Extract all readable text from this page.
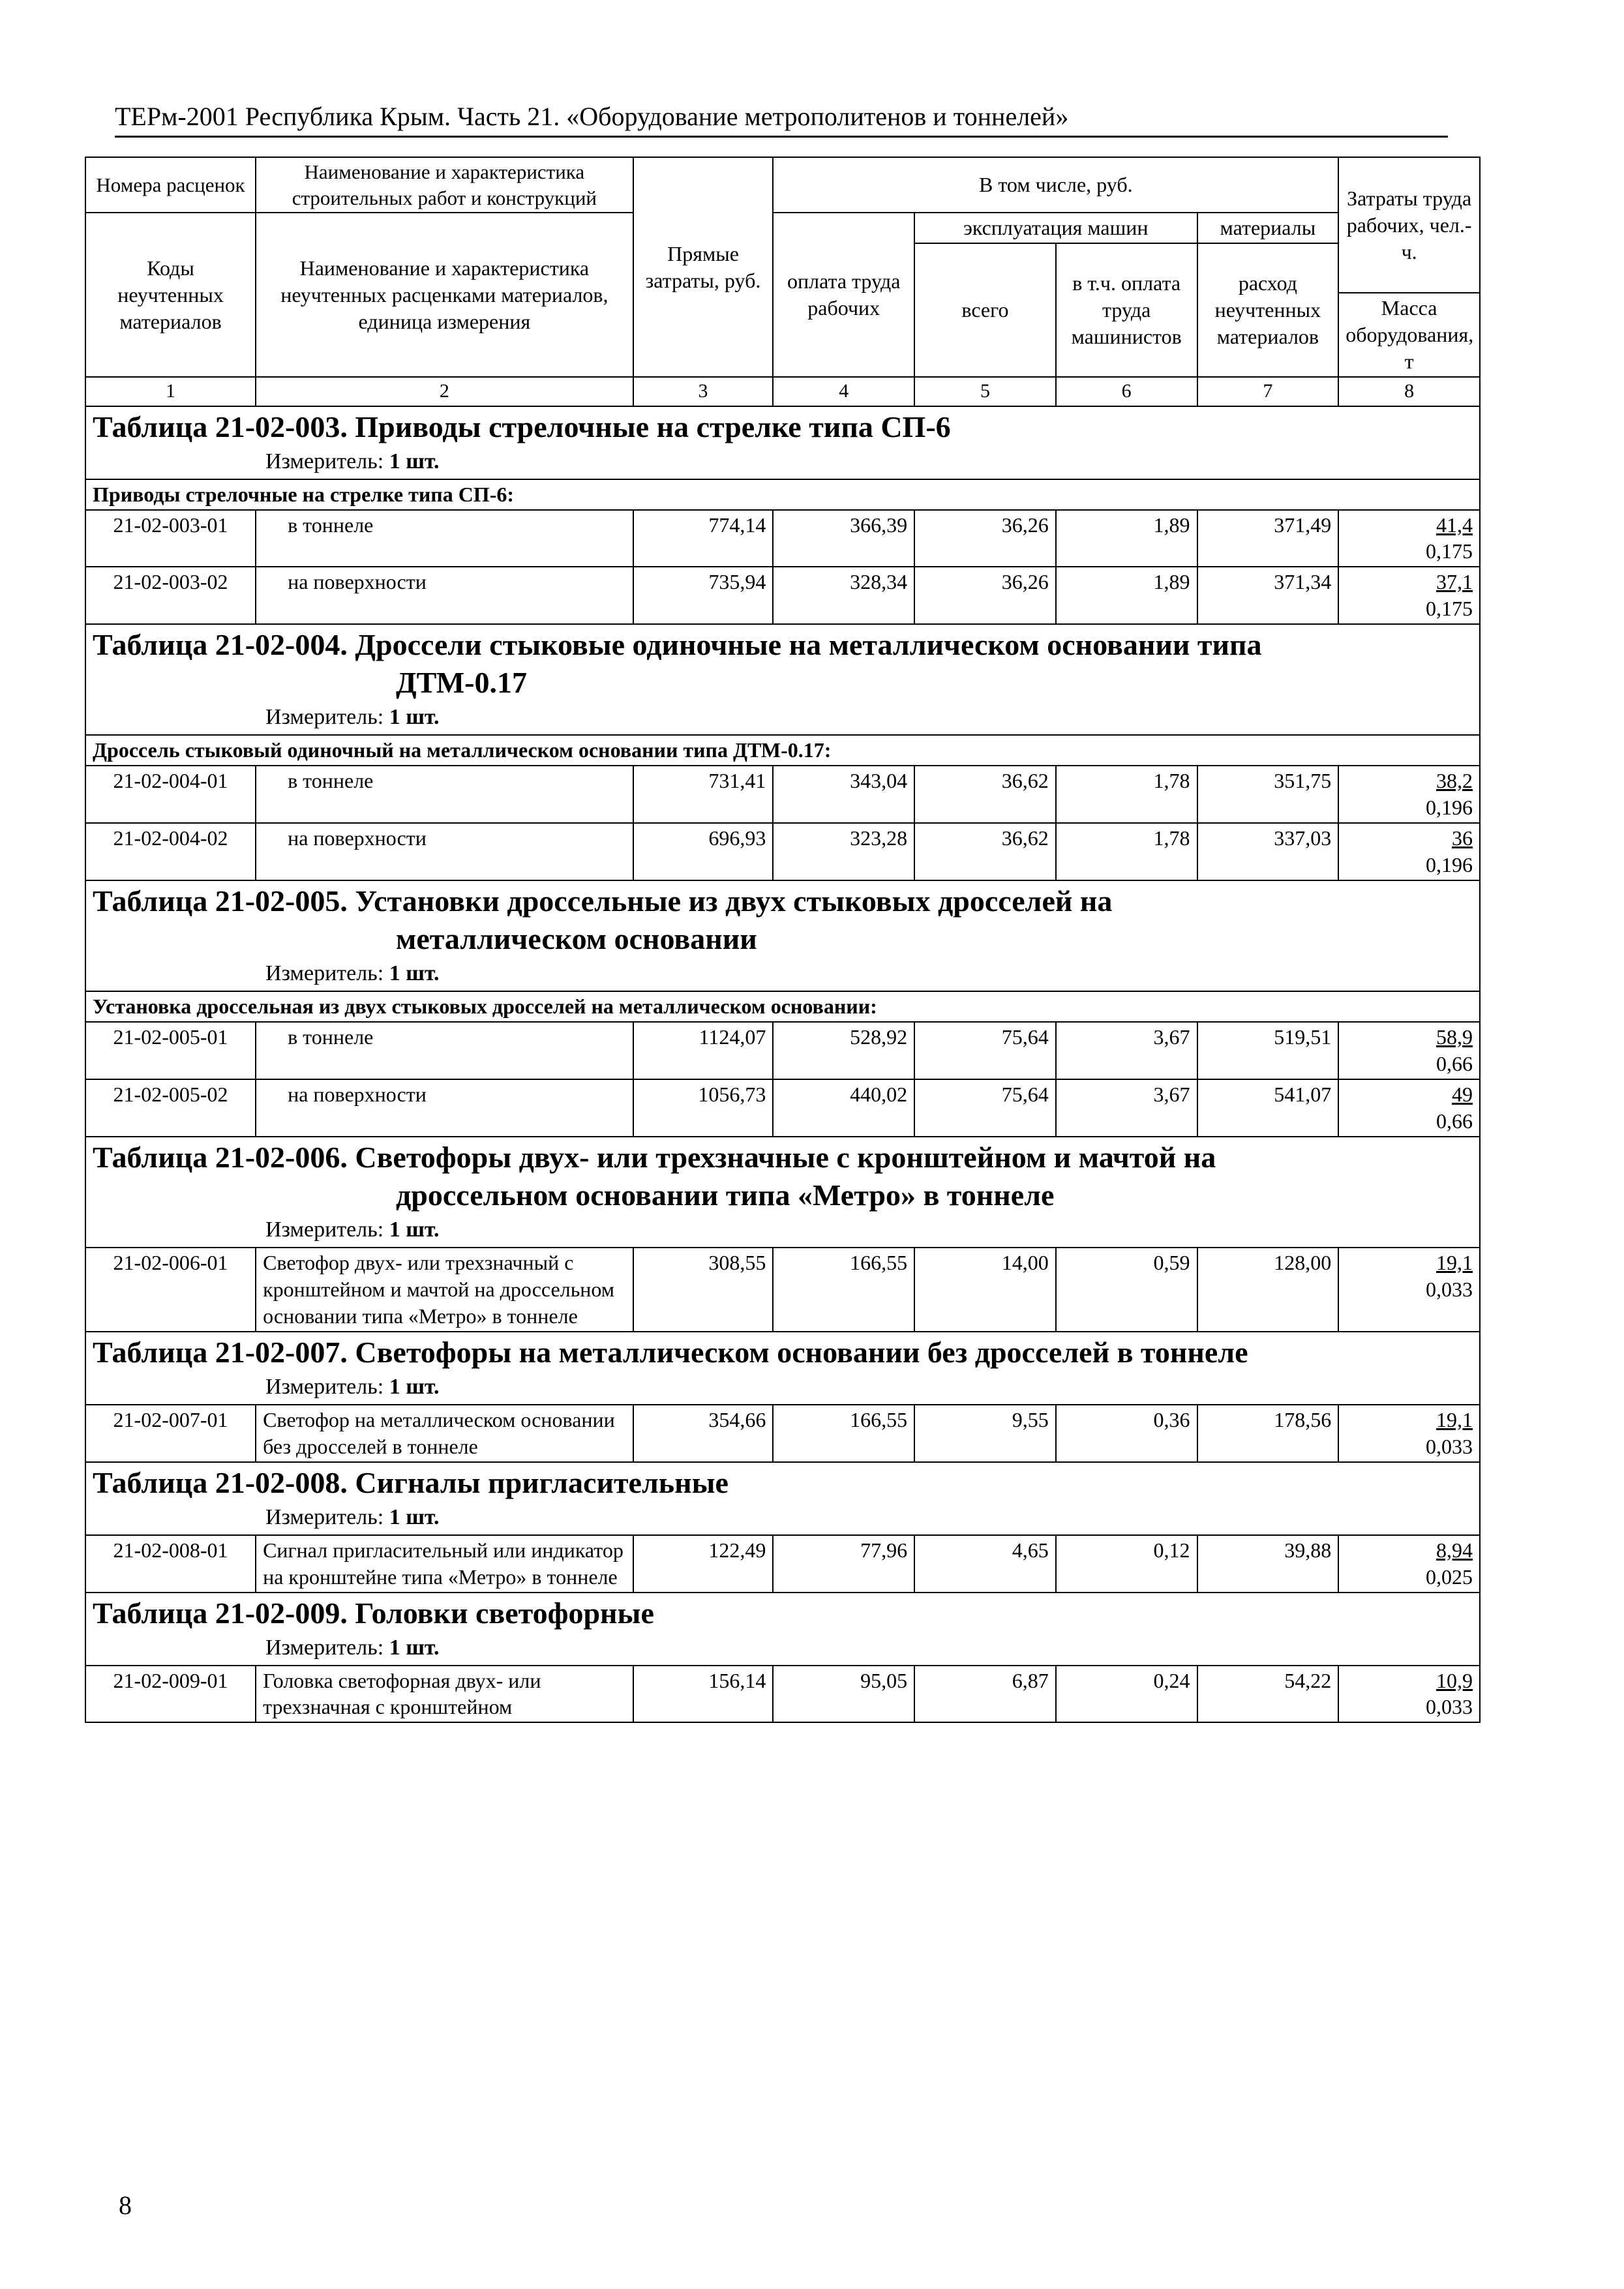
ТЕРм-2001 Республика Крым. Часть 21. «Оборудование метрополитенов и тоннелей»
Номера расценок	Наименование и характеристика строительных работ и конструкций	Прямые затраты, руб.	В том числе, руб.				Затраты труда рабочих, чел.-ч.
Коды неучтенных материалов	Наименование и характеристика неучтенных расценками материалов, единица измерения		оплата труда рабочих	эксплуатация машин		материалы	
				всего	в т.ч. оплата труда машинистов	расход неучтенных материалов	
							Масса оборудования, т
1	2	3	4	5	6	7	8

Таблица 21-02-003. Приводы стрелочные на стрелке типа СП-6
Измеритель: 1 шт.							

Приводы стрелочные на стрелке типа СП-6:							
21-02-003-01	в тоннеле	774,14	366,39	36,26	1,89	371,49	41,4
0,175
21-02-003-02	на поверхности	735,94	328,34	36,26	1,89	371,34	37,1
0,175

Таблица 21-02-004. Дроссели стыковые одиночные на металлическом основании типа
ДТМ-0.17
Измеритель: 1 шт.							

Дроссель стыковый одиночный на металлическом основании типа ДТМ-0.17:							
21-02-004-01	в тоннеле	731,41	343,04	36,62	1,78	351,75	38,2
0,196
21-02-004-02	на поверхности	696,93	323,28	36,62	1,78	337,03	36
0,196

Таблица 21-02-005. Установки дроссельные из двух стыковых дросселей на
металлическом основании
Измеритель: 1 шт.							

Установка дроссельная из двух стыковых дросселей на металлическом основании:							
21-02-005-01	в тоннеле	1124,07	528,92	75,64	3,67	519,51	58,9
0,66
21-02-005-02	на поверхности	1056,73	440,02	75,64	3,67	541,07	49
0,66

Таблица 21-02-006. Светофоры двух- или трехзначные с кронштейном и мачтой на
дроссельном основании типа «Метро» в тоннеле
Измеритель: 1 шт.							

21-02-006-01	Светофор двух- или трехзначный с кронштейном и мачтой на дроссельном основании типа «Метро» в тоннеле	308,55	166,55	14,00	0,59	128,00	19,1
0,033

Таблица 21-02-007. Светофоры на металлическом основании без дросселей в тоннеле
Измеритель: 1 шт.							

21-02-007-01	Светофор на металлическом основании без дросселей в тоннеле	354,66	166,55	9,55	0,36	178,56	19,1
0,033

Таблица 21-02-008. Сигналы пригласительные
Измеритель: 1 шт.							

21-02-008-01	Сигнал пригласительный или индикатор на кронштейне типа «Метро» в тоннеле	122,49	77,96	4,65	0,12	39,88	8,94
0,025

Таблица 21-02-009. Головки светофорные
Измеритель: 1 шт.							

21-02-009-01	Головка светофорная двух- или трехзначная с кронштейном	156,14	95,05	6,87	0,24	54,22	10,9
0,033
8
